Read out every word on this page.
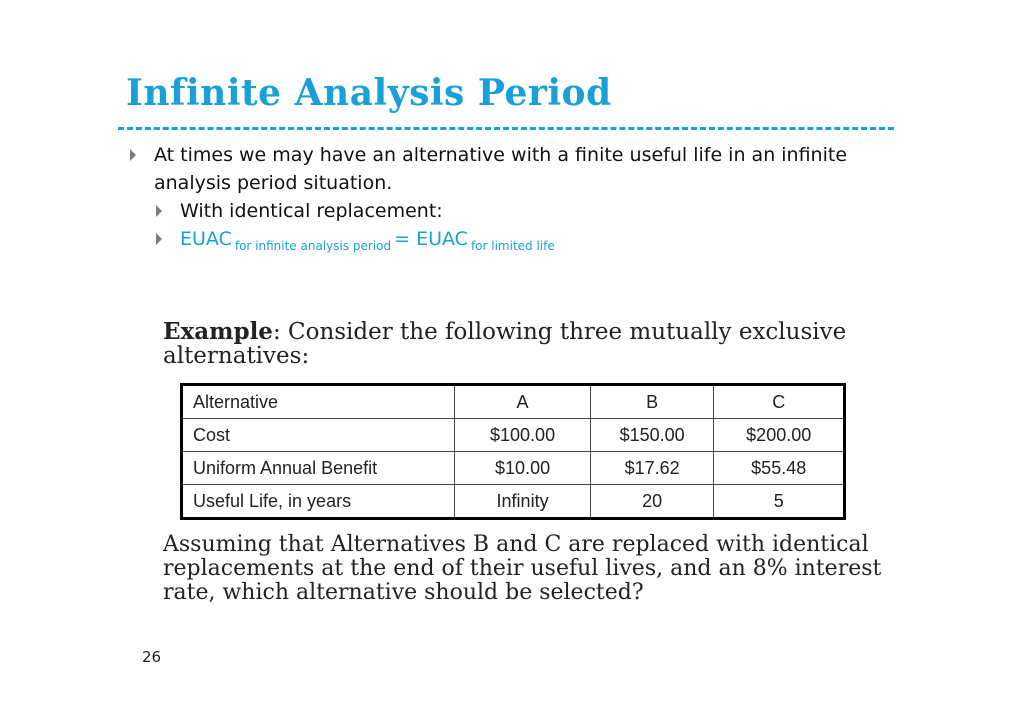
Infinite Analysis Period
At times we may have an alternative with a finite useful life in an infinite analysis period situation.
With identical replacement:
EUAC $_{for infinite analysis period}$ = EUAC $_{for limited life}$
Example: Consider the following three mutually exclusive alternatives:
Alternative	A	B	C
Cost	$100.00	$150.00	$200.00
Uniform Annual Benefit	$10.00	$17.62	$55.48
Useful Life, in years	Infinity	20	5
Assuming that Alternatives B and C are replaced with identical replacements at the end of their useful lives, and an 8% interest rate, which alternative should be selected?
26
